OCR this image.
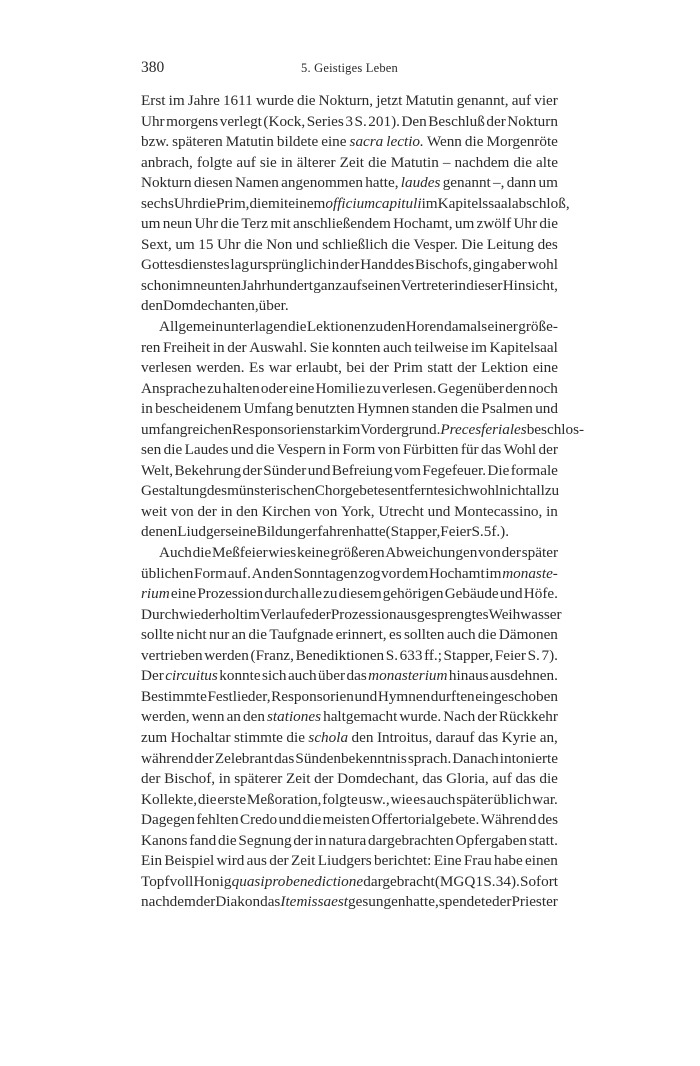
380	5. Geistiges Leben
Erst im Jahre 1611 wurde die Nokturn, jetzt Matutin genannt, auf vier
Uhr morgens verlegt (Kock, Series 3 S. 201). Den Beschluß der Nokturn
bzw. späteren Matutin bildete eine sacra lectio. Wenn die Morgenröte
anbrach, folgte auf sie in älterer Zeit die Matutin – nachdem die alte
Nokturn diesen Namen angenommen hatte, laudes genannt –, dann um
sechs Uhr die Prim, die mit einem officium capituli im Kapitelssaal abschloß,
um neun Uhr die Terz mit anschließendem Hochamt, um zwölf Uhr die
Sext, um 15 Uhr die Non und schließlich die Vesper. Die Leitung des
Gottesdienstes lag ursprünglich in der Hand des Bischofs, ging aber wohl
schon im neunten Jahrhundert ganz auf seinen Vertreter in dieser Hinsicht,
den Domdechanten, über.
Allgemein unterlagen die Lektionen zu den Horen damals einer größe-
ren Freiheit in der Auswahl. Sie konnten auch teilweise im Kapitelsaal
verlesen werden. Es war erlaubt, bei der Prim statt der Lektion eine
Ansprache zu halten oder eine Homilie zu verlesen. Gegenüber den noch
in bescheidenem Umfang benutzten Hymnen standen die Psalmen und
umfangreichen Responsorien stark im Vordergrund. Preces feriales beschlos-
sen die Laudes und die Vespern in Form von Fürbitten für das Wohl der
Welt, Bekehrung der Sünder und Befreiung vom Fegefeuer. Die formale
Gestaltung des münsterischen Chorgebetes entfernte sich wohl nicht allzu
weit von der in den Kirchen von York, Utrecht und Montecassino, in
denen Liudger seine Bildung erfahren hatte (Stapper, Feier S. 5 f.).
Auch die Meßfeier wies keine größeren Abweichungen von der später
üblichen Form auf. An den Sonntagen zog vor dem Hochamt im monaste-
rium eine Prozession durch alle zu diesem gehörigen Gebäude und Höfe.
Durch wiederholt im Verlaufe der Prozession ausgesprengtes Weihwasser
sollte nicht nur an die Taufgnade erinnert, es sollten auch die Dämonen
vertrieben werden (Franz, Benediktionen S. 633 ff.; Stapper, Feier S. 7).
Der circuitus konnte sich auch über das monasterium hinaus ausdehnen.
Bestimmte Festlieder, Responsorien und Hymnen durften eingeschoben
werden, wenn an den stationes haltgemacht wurde. Nach der Rückkehr
zum Hochaltar stimmte die schola den Introitus, darauf das Kyrie an,
während der Zelebrant das Sündenbekenntnis sprach. Danach intonierte
der Bischof, in späterer Zeit der Domdechant, das Gloria, auf das die
Kollekte, die erste Meßoration, folgte usw., wie es auch später üblich war.
Dagegen fehlten Credo und die meisten Offertorialgebete. Während des
Kanons fand die Segnung der in natura dargebrachten Opfergaben statt.
Ein Beispiel wird aus der Zeit Liudgers berichtet: Eine Frau habe einen
Topf voll Honig quasi pro benedictione dargebracht (MGQ 1 S. 34). Sofort
nachdem der Diakon das Ite missa est gesungen hatte, spendete der Priester
